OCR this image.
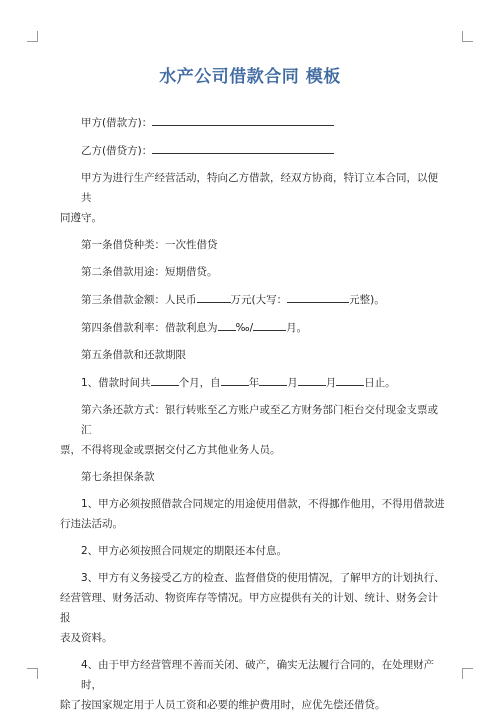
水产公司借款合同 模板
甲方(借款方)：
乙方(借贷方)：
甲方为进行生产经营活动，特向乙方借款，经双方协商，特订立本合同，以便共
同遵守。
第一条借贷种类：一次性借贷
第二条借款用途：短期借贷。
第三条借款金额：人民币	万元(大写：	元整)。
第四条借款利率：借款利息为 ‰/	月。
第五条借款和还款期限
1、借款时间共	个月，自	年	月	月	日止。
第六条还款方式：银行转账至乙方账户或至乙方财务部门柜台交付现金支票或汇
票，不得将现金或票据交付乙方其他业务人员。
第七条担保条款
1、甲方必须按照借款合同规定的用途使用借款，不得挪作他用，不得用借款进
行违法活动。
2、甲方必须按照合同规定的期限还本付息。
3、甲方有义务接受乙方的检查、监督借贷的使用情况，了解甲方的计划执行、
经营管理、财务活动、物资库存等情况。甲方应提供有关的计划、统计、财务会计报
表及资料。
4、由于甲方经营管理不善而关闭、破产，确实无法履行合同的，在处理财产时，
除了按国家规定用于人员工资和必要的维护费用时，应优先偿还借贷。
